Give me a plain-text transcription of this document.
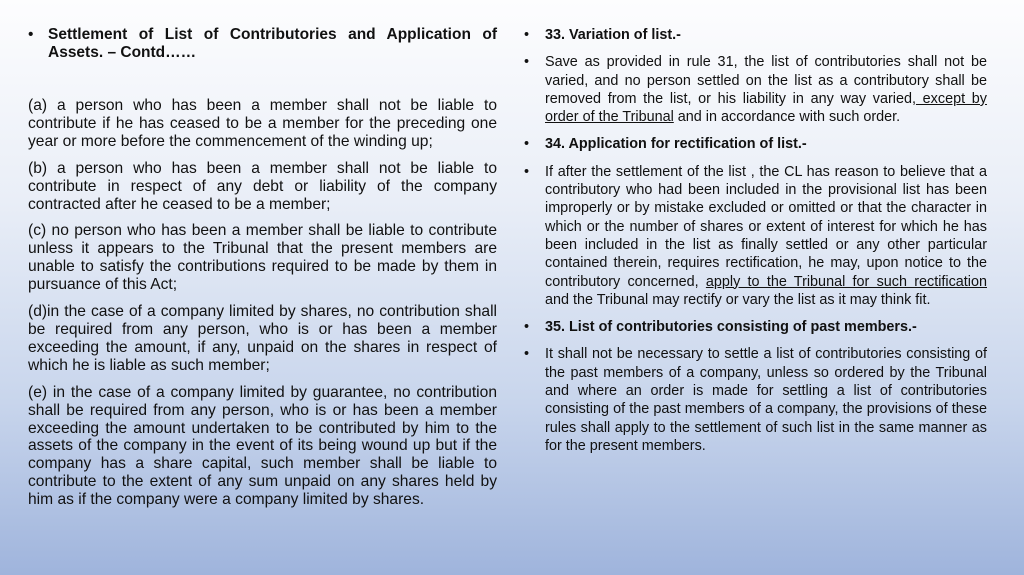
• Settlement of List of Contributories and Application of Assets. – Contd……

(a) a person who has been a member shall not be liable to contribute if he has ceased to be a member for the preceding one year or more before the commencement of the winding up;

(b) a person who has been a member shall not be liable to contribute in respect of any debt or liability of the company contracted after he ceased to be a member;

(c) no person who has been a member shall be liable to contribute unless it appears to the Tribunal that the present members are unable to satisfy the contributions required to be made by them in pursuance of this Act;

(d)in the case of a company limited by shares, no contribution shall be required from any person, who is or has been a member exceeding the amount, if any, unpaid on the shares in respect of which he is liable as such member;

(e) in the case of a company limited by guarantee, no contribution shall be required from any person, who is or has been a member exceeding the amount undertaken to be contributed by him to the assets of the company in the event of its being wound up but if the company has a share capital, such member shall be liable to contribute to the extent of any sum unpaid on any shares held by him as if the company were a company limited by shares.

•	33. Variation of list.-
•	Save as provided in rule 31, the list of contributories shall not be varied, and no person settled on the list as a contributory shall be removed from the list, or his liability in any way varied, except by order of the Tribunal and in accordance with such order.
•	34. Application for rectification of list.-
•	If after the settlement of the list , the CL has reason to believe that a contributory who had been included in the provisional list has been improperly or by mistake excluded or omitted or that the character in which or the number of shares or extent of interest for which he has been included in the list as finally settled or any other particular contained therein, requires rectification, he may, upon notice to the contributory concerned, apply to the Tribunal for such rectification and the Tribunal may rectify or vary the list as it may think fit.
•	35. List of contributories consisting of past members.-
•	It shall not be necessary to settle a list of contributories consisting of the past members of a company, unless so ordered by the Tribunal and where an order is made for settling a list of contributories consisting of the past members of a company, the provisions of these rules shall apply to the settlement of such list in the same manner as for the present members.
